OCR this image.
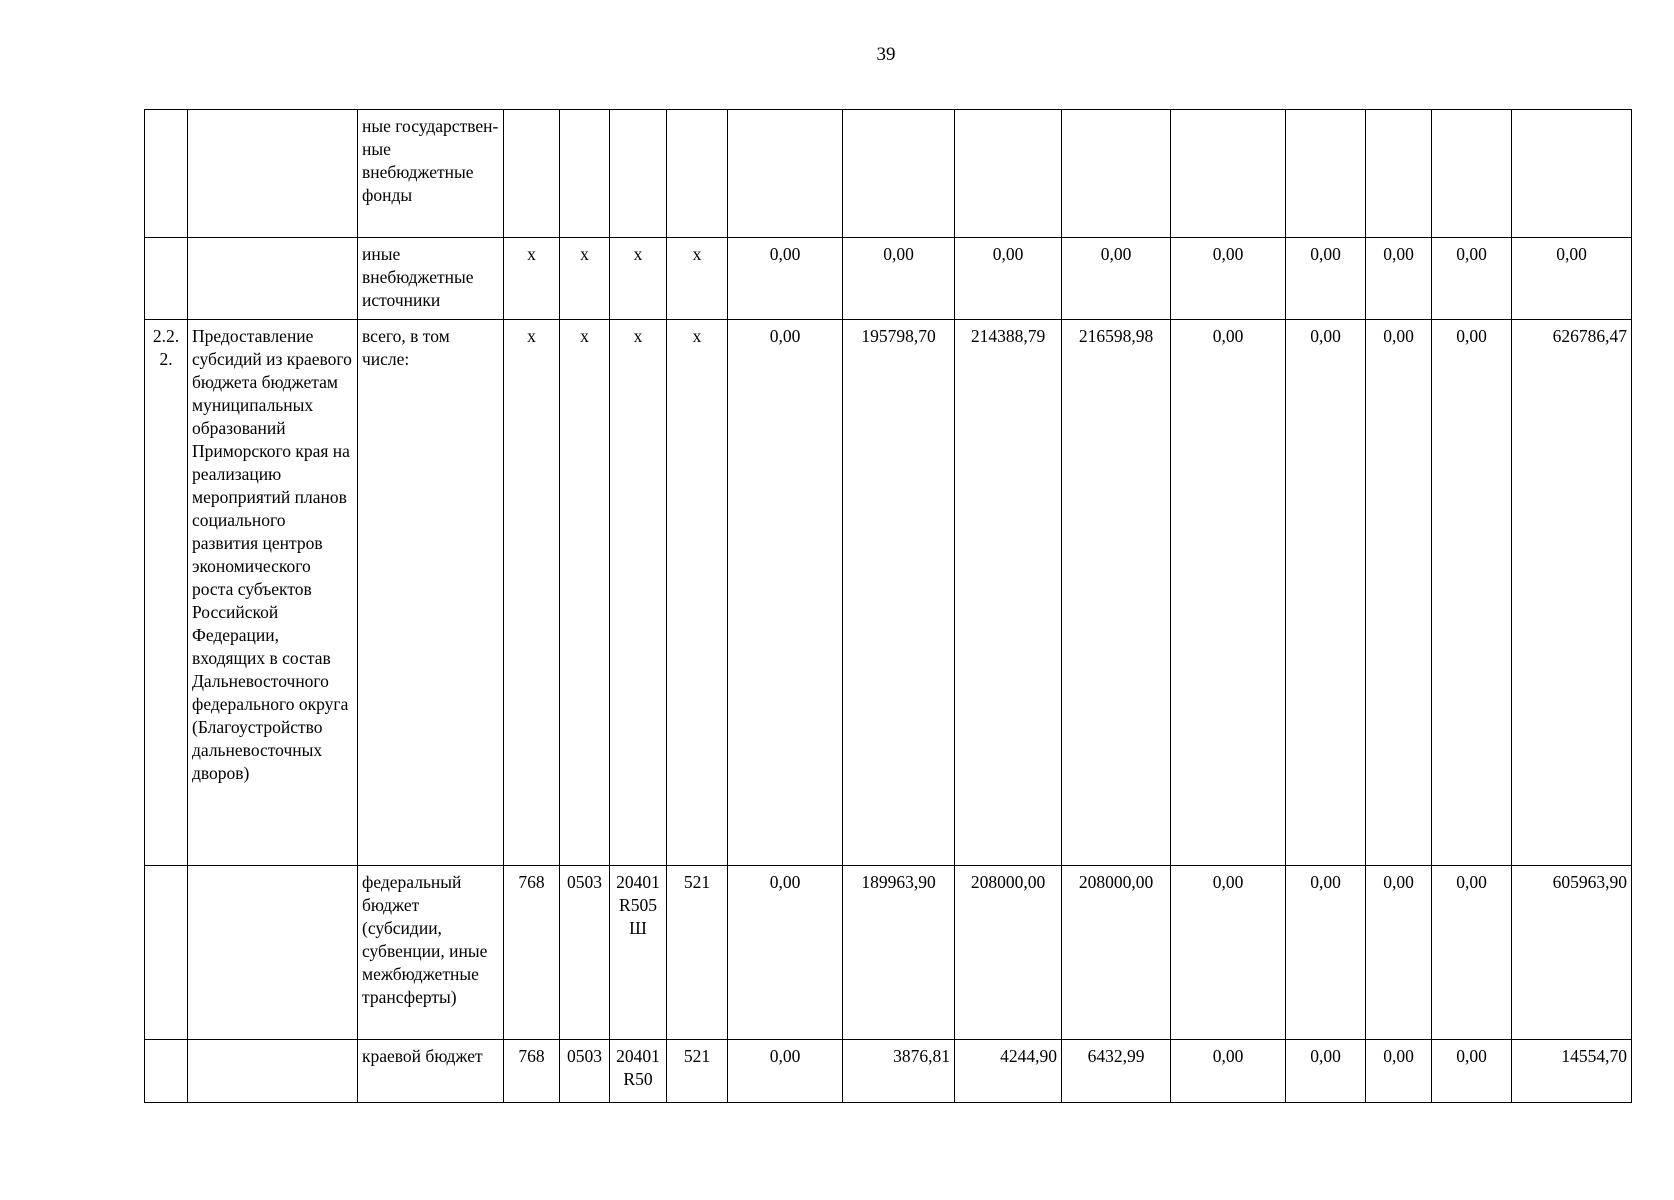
39
		ные государствен-ные внебюджетные фонды													
		иные внебюджетные источники	х	х	х	х	0,00	0,00	0,00	0,00	0,00	0,00	0,00	0,00	0,00
2.2.2.	Предоставление субсидий из краевого бюджета бюджетам муниципальных образований Приморского края на реализацию мероприятий планов социального развития центров экономического роста субъектов Российской Федерации, входящих в состав Дальневосточного федерального округа (Благоустройство дальневосточных дворов)	всего, в том числе:	х	х	х	х	0,00	195798,70	214388,79	216598,98	0,00	0,00	0,00	0,00	626786,47
		федеральный бюджет (субсидии, субвенции, иные межбюджетные трансферты)	768	0503	20401R505Ш	521	0,00	189963,90	208000,00	208000,00	0,00	0,00	0,00	0,00	605963,90
		краевой бюджет	768	0503	20401R50	521	0,00	3876,81	4244,90	6432,99	0,00	0,00	0,00	0,00	14554,70
